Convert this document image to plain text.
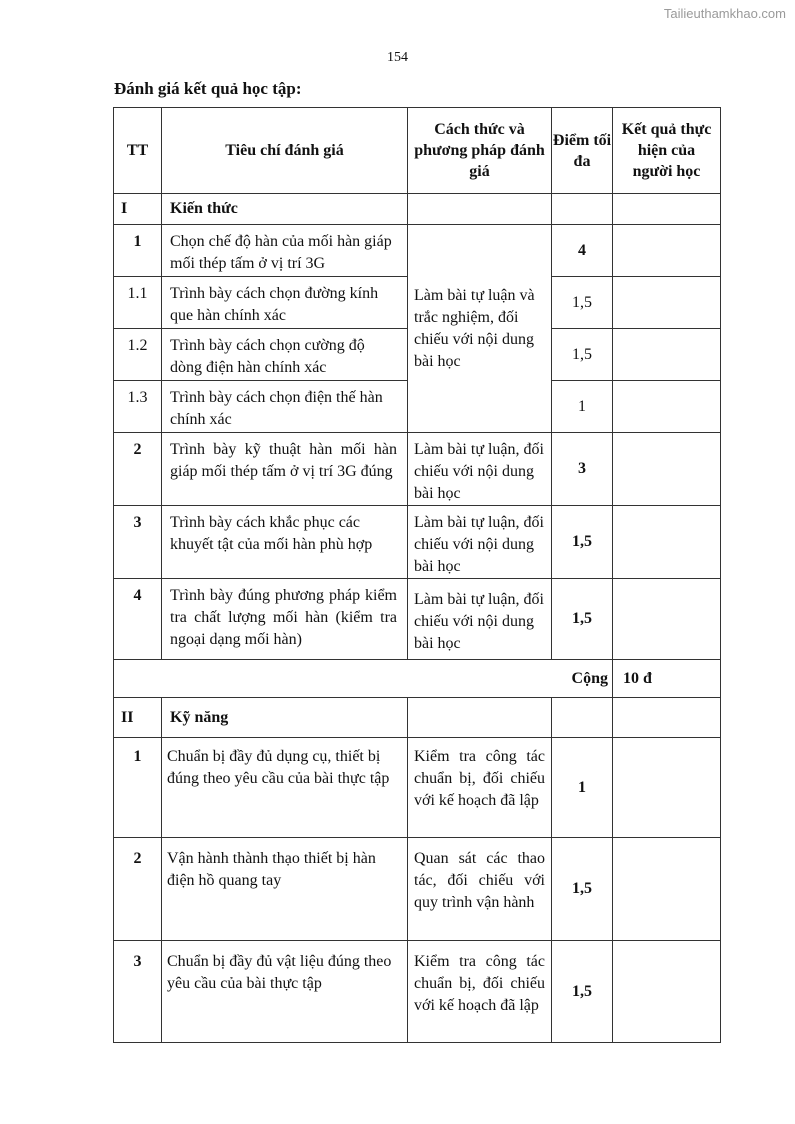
Tailieuthamkhao.com
154
Đánh giá kết quả học tập:
TT	Tiêu chí đánh giá	Cách thức và phương pháp đánh giá	Điểm tối đa	Kết quả thực hiện của người học
I	Kiến thức			
1	Chọn chế độ hàn của mối hàn giáp mối thép tấm ở vị trí 3G	Làm bài tự luận và trắc nghiệm, đối chiếu với nội dung bài học	4	
1.1	Trình bày cách chọn đường kính que hàn chính xác		1,5	
1.2	Trình bày cách chọn cường độ dòng điện hàn chính xác		1,5	
1.3	Trình bày cách chọn điện thế hàn chính xác		1	
2	Trình bày kỹ thuật hàn mối hàn giáp mối thép tấm ở vị trí 3G đúng	Làm bài tự luận, đối chiếu với nội dung bài học	3	
3	Trình bày cách khắc phục các khuyết tật của mối hàn phù hợp	Làm bài tự luận, đối chiếu với nội dung bài học	1,5	
4	Trình bày đúng phương pháp kiểm tra chất lượng mối hàn (kiểm tra ngoại dạng mối hàn)	Làm bài tự luận, đối chiếu với nội dung bài học	1,5	
Cộng				10 đ
II	Kỹ năng			
1	Chuẩn bị đầy đủ dụng cụ, thiết bị đúng theo yêu cầu của bài thực tập	Kiểm tra công tác chuẩn bị, đối chiếu với kế hoạch đã lập	1	
2	Vận hành thành thạo thiết bị hàn điện hồ quang tay	Quan sát các thao tác, đối chiếu với quy trình vận hành	1,5	
3	Chuẩn bị đầy đủ vật liệu đúng theo yêu cầu của bài thực tập	Kiểm tra công tác chuẩn bị, đối chiếu với kế hoạch đã lập	1,5	
